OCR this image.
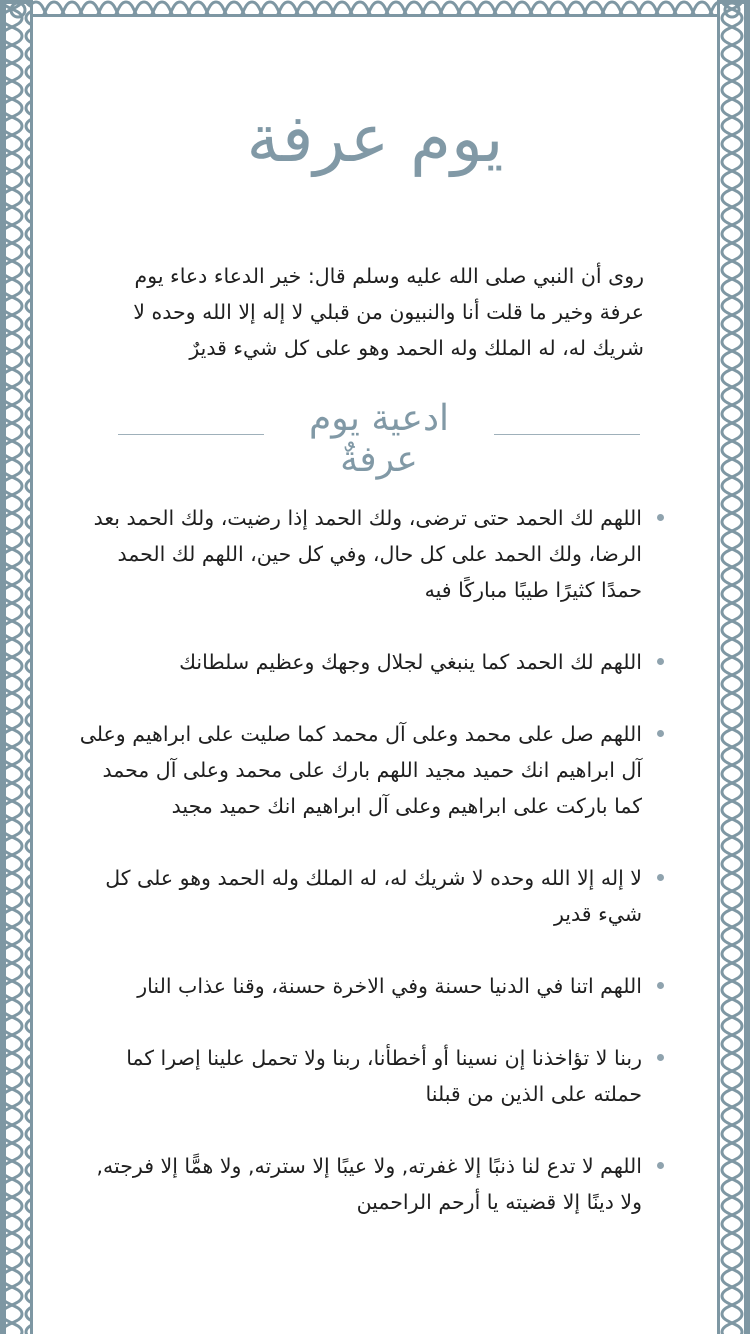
يوم عرفة
روى أن النبي صلى الله عليه وسلم قال: خير الدعاء دعاء يوم عرفة وخير ما قلت أنا والنبيون من قبلي لا إله إلا الله وحده لا شريك له، له الملك وله الحمد وهو على كل شيء قديرٌ
ادعية يوم عرفةٌ
اللهم لك الحمد حتى ترضى، ولك الحمد إذا رضيت، ولك الحمد بعد الرضا، ولك الحمد على كل حال، وفي كل حين، اللهم لك الحمد حمدًا كثيرًا طيبًا مباركًا فيه
اللهم لك الحمد كما ينبغي لجلال وجهك وعظيم سلطانك
اللهم صل على محمد وعلى آل محمد كما صليت على ابراهيم وعلى آل ابراهيم انك حميد مجيد اللهم بارك على محمد وعلى آل محمد كما باركت على ابراهيم وعلى آل ابراهيم انك حميد مجيد
لا إله إلا الله وحده لا شريك له، له الملك وله الحمد وهو على كل شيء قدير
اللهم اتنا في الدنيا حسنة وفي الاخرة حسنة، وقنا عذاب النار
ربنا لا تؤاخذنا إن نسينا أو أخطأنا، ربنا ولا تحمل علينا إصرا كما حملته على الذين من قبلنا
اللهم لا تدع لنا ذنبًا إلا غفرته, ولا عيبًا إلا سترته, ولا همًّا إلا فرجته, ولا دينًا إلا قضيته يا أرحم الراحمين
